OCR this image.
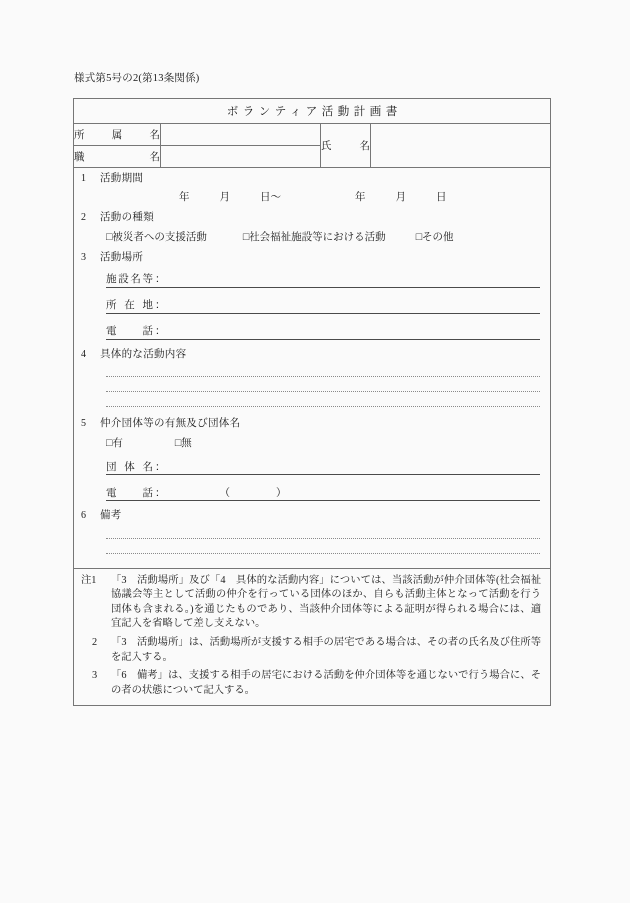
様式第5号の2(第13条関係)
ボランティア活動計画書			

所 属 名		氏 名	

職 名			

1	活動期間
年	月	日〜	年	月	日
2	活動の種類
□被災者への支援活動	□社会福祉施設等における活動	□その他
3	活動場所
施 設 名 等 ：
所 在 地 ：
電 話 ：
4	具体的な活動内容
5	仲介団体等の有無及び団体名
□有	□無
団 体 名 ：
電 話 ：	（	）
6	備考

注1	「3　活動場所」及び「4　具体的な活動内容」については、当該活動が仲介団体等(社会福祉協議会等主として活動の仲介を行っている団体のほか、自らも活動主体となって活動を行う団体も含まれる。)を通じたものであり、当該仲介団体等による証明が得られる場合には、適宜記入を省略して差し支えない。
2	「3　活動場所」は、活動場所が支援する相手の居宅である場合は、その者の氏名及び住所等を記入する。
3	「6　備考」は、支援する相手の居宅における活動を仲介団体等を通じないで行う場合に、その者の状態について記入する。
